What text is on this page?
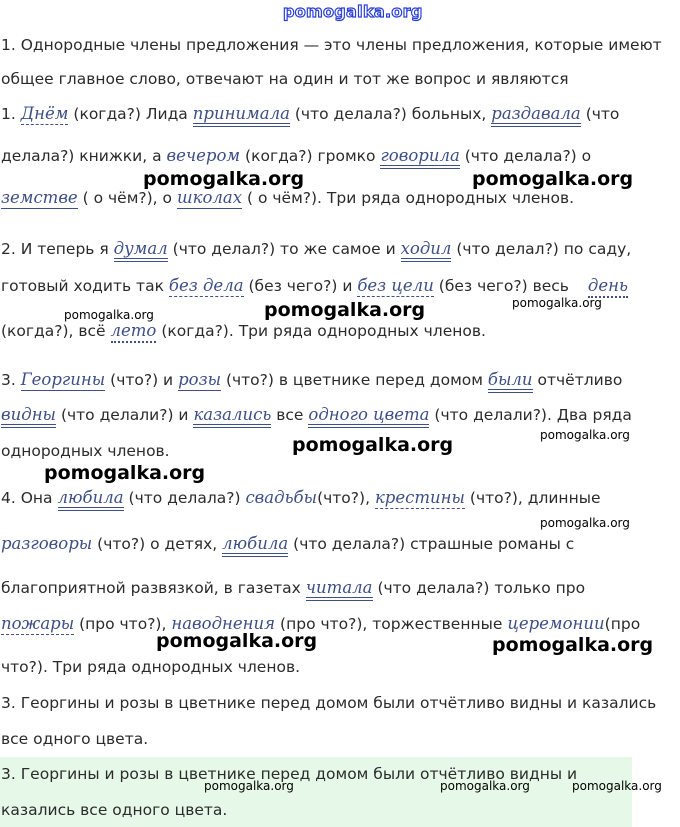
pomogalka.org
1. Однородные члены предложения — это члены предложения, которые имеют
общее главное слово, отвечают на один и тот же вопрос и являются
1. Днём (когда?) Лида принимала (что делала?) больных, раздавала (что
делала?) книжки, а вечером (когда?) громко говорила (что делала?) о
земстве ( о чём?), о школах ( о чём?). Три ряда однородных членов.
2. И теперь я думал (что делал?) то же самое и ходил (что делал?) по саду,
готовый ходить так без дела (без чего?) и без цели (без чего?) весь день
(когда?), всё лето (когда?). Три ряда однородных членов.
3. Георгины (что?) и розы (что?) в цветнике перед домом были отчётливо
видны (что делали?) и казались все одного цвета (что делали?). Два ряда
однородных членов.
4. Она любила (что делала?) свадьбы(что?), крестины (что?), длинные
разговоры (что?) о детях, любила (что делала?) страшные романы с
благоприятной развязкой, в газетах читала (что делала?) только про
пожары (про что?), наводнения (про что?), торжественные церемонии(про
что?). Три ряда однородных членов.
3. Георгины и розы в цветнике перед домом были отчётливо видны и казались
все одного цвета.
3. Георгины и розы в цветнике перед домом были отчётливо видны и
казались все одного цвета.
pomogalka.org	pomogalka.org
pomogalka.org
pomogalka.org
pomogalka.org
pomogalka.org	pomogalka.org
pomogalka.org
pomogalka.org
pomogalka.org	pomogalka.org
pomogalka.org	pomogalka.org	pomogalka.org
